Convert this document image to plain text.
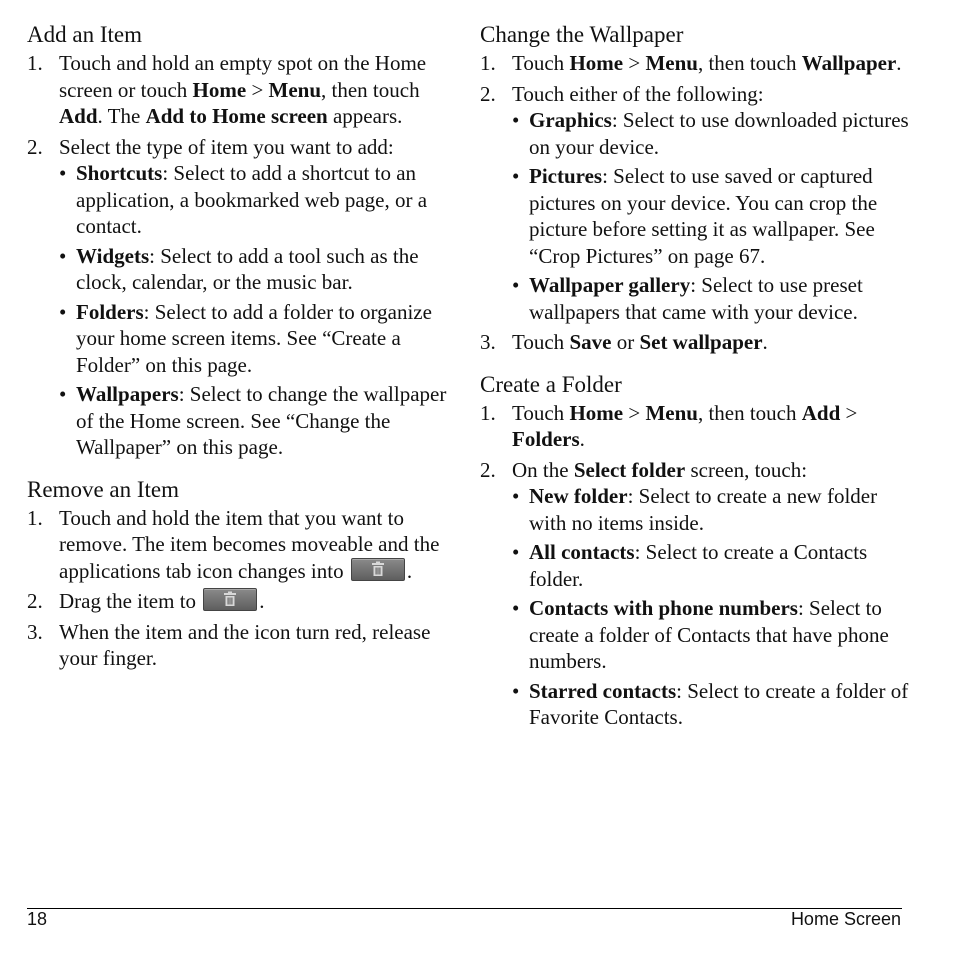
Add an Item
1. Touch and hold an empty spot on the Home screen or touch Home > Menu, then touch Add. The Add to Home screen appears.
2. Select the type of item you want to add:
• Shortcuts: Select to add a shortcut to an application, a bookmarked web page, or a contact.
• Widgets: Select to add a tool such as the clock, calendar, or the music bar.
• Folders: Select to add a folder to organize your home screen items. See “Create a Folder” on this page.
• Wallpapers: Select to change the wallpaper of the Home screen. See “Change the Wallpaper” on this page.
Remove an Item
1. Touch and hold the item that you want to remove. The item becomes moveable and the applications tab icon changes into	.
2. Drag the item to	.
3. When the item and the icon turn red, release your finger.
Change the Wallpaper
1. Touch Home > Menu, then touch Wallpaper.
2. Touch either of the following:
• Graphics: Select to use downloaded pictures on your device.
• Pictures: Select to use saved or captured pictures on your device. You can crop the picture before setting it as wallpaper. See “Crop Pictures” on page 67.
• Wallpaper gallery: Select to use preset wallpapers that came with your device.
3. Touch Save or Set wallpaper.
Create a Folder
1. Touch Home > Menu, then touch Add > Folders.
2. On the Select folder screen, touch:
• New folder: Select to create a new folder with no items inside.
• All contacts: Select to create a Contacts folder.
• Contacts with phone numbers: Select to create a folder of Contacts that have phone numbers.
• Starred contacts: Select to create a folder of Favorite Contacts.
18	Home Screen
